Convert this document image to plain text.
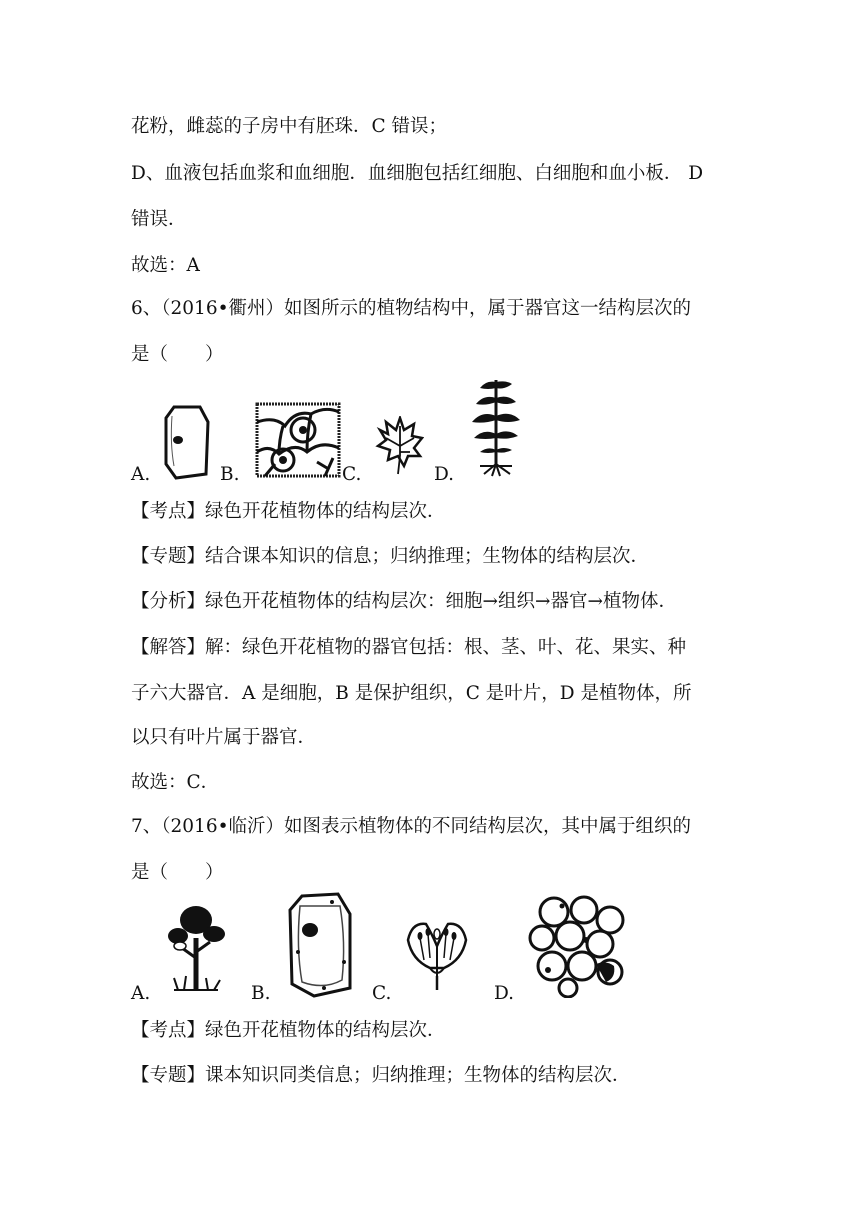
花粉，雌蕊的子房中有胚珠．C 错误；
D、血液包括血浆和血细胞．血细胞包括红细胞、白细胞和血小板． D
错误．
故选：A
6、（2016•衢州）如图所示的植物结构中，属于器官这一结构层次的
是（　　）
A.	B.	C.	D.
【考点】绿色开花植物体的结构层次．
【专题】结合课本知识的信息；归纳推理；生物体的结构层次．
【分析】绿色开花植物体的结构层次：细胞→组织→器官→植物体．
【解答】解：绿色开花植物的器官包括：根、茎、叶、花、果实、种
子六大器官．A 是细胞，B 是保护组织，C 是叶片，D 是植物体，所
以只有叶片属于器官．
故选：C．
7、（2016•临沂）如图表示植物体的不同结构层次，其中属于组织的
是（　　）
A.	B.	C.	D.
【考点】绿色开花植物体的结构层次．
【专题】课本知识同类信息；归纳推理；生物体的结构层次．
